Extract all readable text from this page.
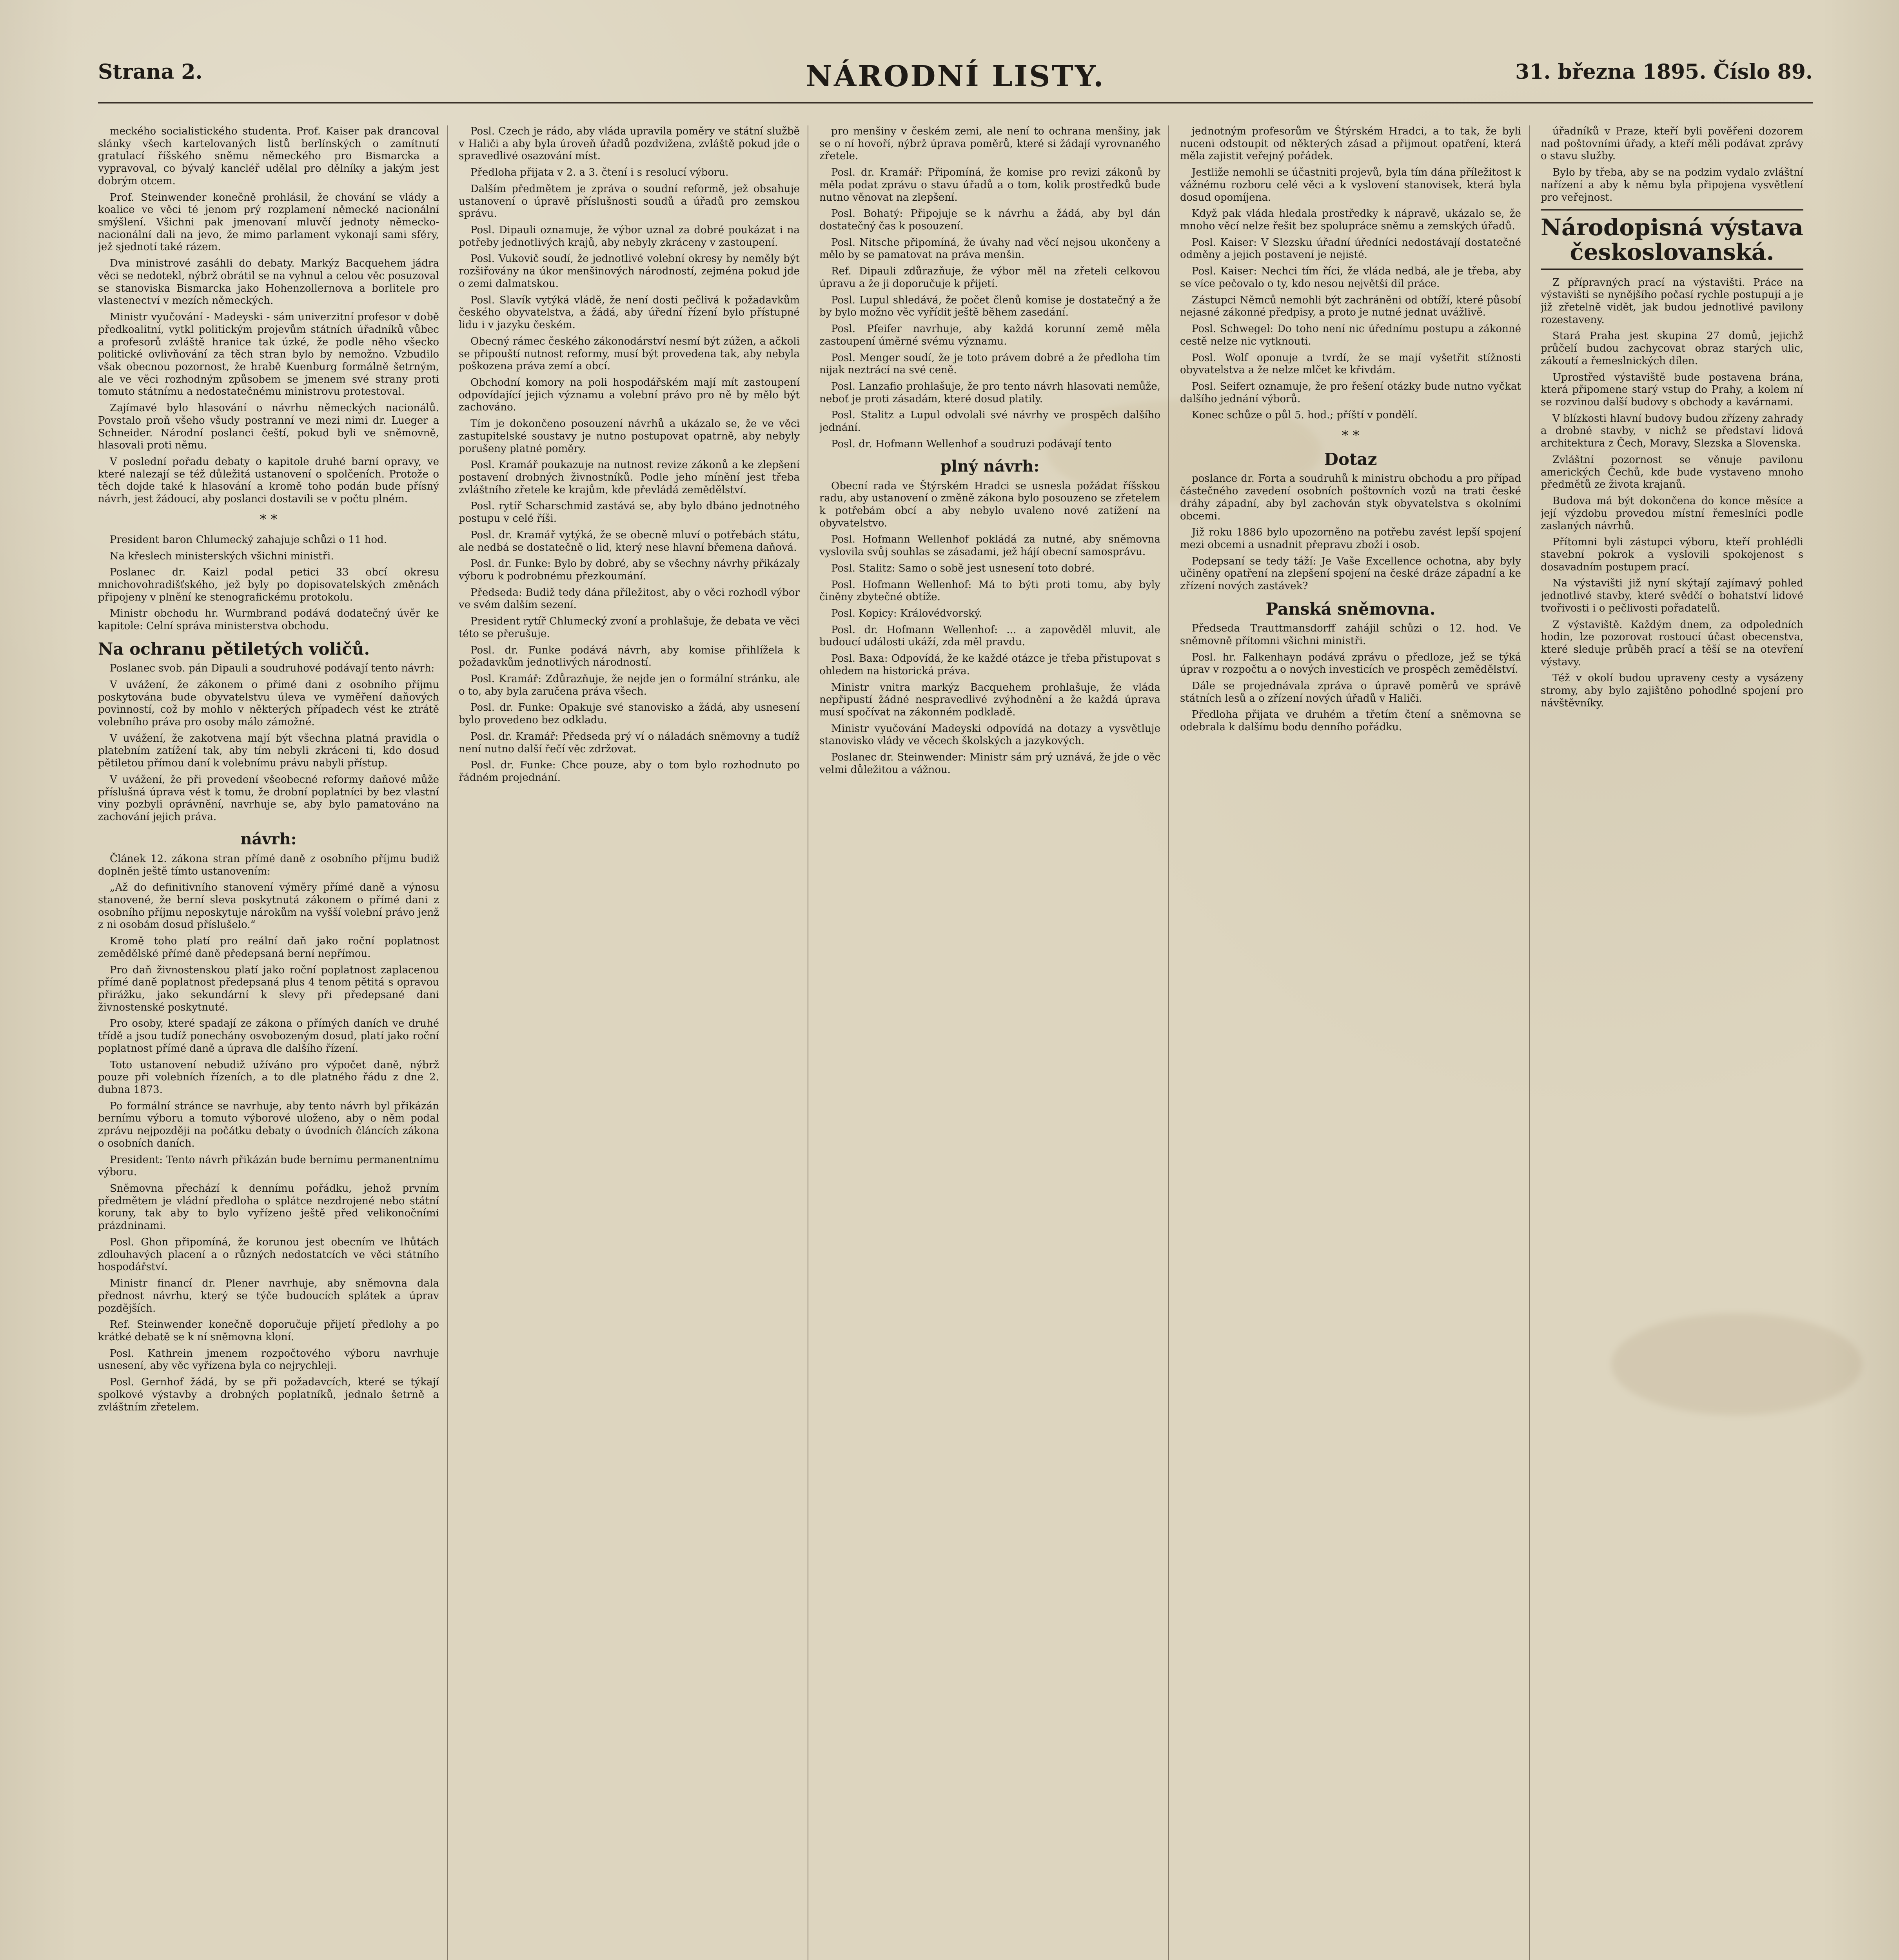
Strana 2.	NÁRODNÍ LISTY.	31. března 1895. Číslo 89.

meckého socialistického studenta. Prof. Kaiser pak drancoval slánky všech kartelovaných listů berlínských o zamítnutí gratulací říšského sněmu německého pro Bismarcka a vypravoval, co bývalý kancléř udělal pro dělníky a jakým jest dobrým otcem.

Prof. Steinwender konečně prohlásil, že chování se vlády a koalice ve věci té jenom prý rozplamení německé nacionální smýšlení. Všichni pak jmenovaní mluvčí jednoty německo-nacionální dali na jevo, že mimo parlament vykonají sami sféry, jež sjednotí také rázem.

Dva ministrové zasáhli do debaty. Markýz Bacquehem jádra věci se nedotekl, nýbrž obrátil se na vyhnul a celou věc posuzoval se stanoviska Bismarcka jako Hohenzollernova a borlitele pro vlastenectví v mezích německých.

Ministr vyučování - Madeyski - sám univerzitní profesor v době předkoalitní, vytkl politickým projevům státních úřadníků vůbec a profesorů zvláště hranice tak úzké, že podle něho všecko politické ovlivňování za těch stran bylo by nemožno. Vzbudilo však obecnou pozornost, že hrabě Kuenburg formálně šetrným, ale ve věci rozhodným způsobem se jmenem své strany proti tomuto státnímu a nedostatečnému ministrovu protestoval.

Zajímavé bylo hlasování o návrhu německých nacionálů. Povstalo proň všeho všudy postranní ve mezi nimi dr. Lueger a Schneider. Národní poslanci čeští, pokud byli ve sněmovně, hlasovali proti němu.

V poslední pořadu debaty o kapitole druhé barní opravy, ve které nalezají se též důležitá ustanovení o spolčeních. Protože o těch dojde také k hlasování a kromě toho podán bude přísný návrh, jest žádoucí, aby poslanci dostavili se v počtu plném.

* *

President baron Chlumecký zahajuje schůzi o 11 hod.

Na křeslech ministerských všichni ministři.

Poslanec dr. Kaizl podal petici 33 obcí okresu mnichovohradišťského, jež byly po dopisovatelských změnách připojeny v plnění ke stenografickému protokolu.

Ministr obchodu hr. Wurmbrand podává dodatečný úvěr ke kapitole: Celní správa ministerstva obchodu.

Na ochranu pětiletých voličů.

Poslanec svob. pán Dipauli a soudruhové podávají tento návrh:

V uvážení, že zákonem o přímé dani z osobního příjmu poskytována bude obyvatelstvu úleva ve vyměření daňových povinností, což by mohlo v některých případech vést ke ztrátě volebního práva pro osoby málo zámožné.

V uvážení, že zakotvena mají být všechna platná pravidla o platebním zatížení tak, aby tím nebyli zkráceni ti, kdo dosud pětiletou přímou daní k volebnímu právu nabyli přístup.

V uvážení, že při provedení všeobecné reformy daňové může příslušná úprava vést k tomu, že drobní poplatníci by bez vlastní viny pozbyli oprávnění, navrhuje se, aby bylo pamatováno na zachování jejich práva.

návrh:

Článek 12. zákona stran přímé daně z osobního příjmu budiž doplněn ještě tímto ustanovením:

„Až do definitivního stanovení výměry přímé daně a výnosu stanovené, že berní sleva poskytnutá zákonem o přímé dani z osobního příjmu neposkytuje nárokům na vyšší volební právo jenž z ni osobám dosud příslušelo.“

Kromě toho platí pro reální daň jako roční poplatnost zemědělské přímé daně předepsaná berní nepřímou.

Pro daň živnostenskou platí jako roční poplatnost zaplacenou přímé daně poplatnost předepsaná plus 4 tenom pětitá s opravou přirážku, jako sekundární k slevy při předepsané dani živnostenské poskytnuté.

Pro osoby, které spadají ze zákona o přímých daních ve druhé třídě a jsou tudíž ponechány osvobozeným dosud, platí jako roční poplatnost přímé daně a úprava dle dalšího řízení.

Toto ustanovení nebudiž užíváno pro výpočet daně, nýbrž pouze při volebních řízeních, a to dle platného řádu z dne 2. dubna 1873.

Po formální stránce se navrhuje, aby tento návrh byl přikázán bernímu výboru a tomuto výborové uloženo, aby o něm podal zprávu nejpozději na počátku debaty o úvodních článcích zákona o osobních daních.

President: Tento návrh přikázán bude bernímu permanentnímu výboru.

Sněmovna přechází k dennímu pořádku, jehož prvním předmětem je vládní předloha o splátce nezdrojené nebo státní koruny, tak aby to bylo vyřízeno ještě před velikonočními prázdninami.

Posl. Ghon připomíná, že korunou jest obecním ve lhůtách zdlouhavých placení a o různých nedostatcích ve věci státního hospodářství.

Ministr financí dr. Plener navrhuje, aby sněmovna dala přednost návrhu, který se týče budoucích splátek a úprav pozdějších.

Ref. Steinwender konečně doporučuje přijetí předlohy a po krátké debatě se k ní sněmovna kloní.

Posl. Kathrein jmenem rozpočtového výboru navrhuje usnesení, aby věc vyřízena byla co nejrychleji.

Posl. Gernhof žádá, by se při požadavcích, které se týkají spolkové výstavby a drobných poplatníků, jednalo šetrně a zvláštním zřetelem.

Posl. Czech je rádo, aby vláda upravila poměry ve státní službě v Haliči a aby byla úroveň úřadů pozdvižena, zvláště pokud jde o spravedlivé osazování míst.

Předloha přijata v 2. a 3. čtení i s resolucí výboru.

Dalším předmětem je zpráva o soudní reformě, jež obsahuje ustanovení o úpravě příslušnosti soudů a úřadů pro zemskou správu.

Posl. Dipauli oznamuje, že výbor uznal za dobré poukázat i na potřeby jednotlivých krajů, aby nebyly zkráceny v zastoupení.

Posl. Vukovič soudí, že jednotlivé volební okresy by neměly být rozšiřovány na úkor menšinových národností, zejména pokud jde o zemi dalmatskou.

Posl. Slavík vytýká vládě, že není dosti pečlivá k požadavkům českého obyvatelstva, a žádá, aby úřední řízení bylo přístupné lidu i v jazyku českém.

Obecný rámec českého zákonodárství nesmí být zúžen, a ačkoli se připouští nutnost reformy, musí být provedena tak, aby nebyla poškozena práva zemí a obcí.

Obchodní komory na poli hospodářském mají mít zastoupení odpovídající jejich významu a volební právo pro ně by mělo být zachováno.

Tím je dokončeno posouzení návrhů a ukázalo se, že ve věci zastupitelské soustavy je nutno postupovat opatrně, aby nebyly porušeny platné poměry.

Posl. Kramář poukazuje na nutnost revize zákonů a ke zlepšení postavení drobných živnostníků. Podle jeho mínění jest třeba zvláštního zřetele ke krajům, kde převládá zemědělství.

Posl. rytíř Scharschmid zastává se, aby bylo dbáno jednotného postupu v celé říši.

Posl. dr. Kramář vytýká, že se obecně mluví o potřebách státu, ale nedbá se dostatečně o lid, který nese hlavní břemena daňová.

Posl. dr. Funke: Bylo by dobré, aby se všechny návrhy přikázaly výboru k podrobnému přezkoumání.

Předseda: Budiž tedy dána příležitost, aby o věci rozhodl výbor ve svém dalším sezení.

President rytíř Chlumecký zvoní a prohlašuje, že debata ve věci této se přerušuje.

Posl. dr. Funke podává návrh, aby komise přihlížela k požadavkům jednotlivých národností.

Posl. Kramář: Zdůrazňuje, že nejde jen o formální stránku, ale o to, aby byla zaručena práva všech.

Posl. dr. Funke: Opakuje své stanovisko a žádá, aby usnesení bylo provedeno bez odkladu.

Posl. dr. Kramář: Předseda prý ví o náladách sněmovny a tudíž není nutno další řečí věc zdržovat.

Posl. dr. Funke: Chce pouze, aby o tom bylo rozhodnuto po řádném projednání.

pro menšiny v českém zemi, ale není to ochrana menšiny, jak se o ní hovoří, nýbrž úprava poměrů, které si žádají vyrovnaného zřetele.

Posl. dr. Kramář: Připomíná, že komise pro revizi zákonů by měla podat zprávu o stavu úřadů a o tom, kolik prostředků bude nutno věnovat na zlepšení.

Posl. Bohatý: Připojuje se k návrhu a žádá, aby byl dán dostatečný čas k posouzení.

Posl. Nitsche připomíná, že úvahy nad věcí nejsou ukončeny a mělo by se pamatovat na práva menšin.

Ref. Dipauli zdůrazňuje, že výbor měl na zřeteli celkovou úpravu a že ji doporučuje k přijetí.

Posl. Lupul shledává, že počet členů komise je dostatečný a že by bylo možno věc vyřídit ještě během zasedání.

Posl. Pfeifer navrhuje, aby každá korunní země měla zastoupení úměrné svému významu.

Posl. Menger soudí, že je toto právem dobré a že předloha tím nijak neztrácí na své ceně.

Posl. Lanzafio prohlašuje, že pro tento návrh hlasovati nemůže, neboť je proti zásadám, které dosud platily.

Posl. Stalitz a Lupul odvolali své návrhy ve prospěch dalšího jednání.

Posl. dr. Hofmann Wellenhof a soudruzi podávají tento

plný návrh:

Obecní rada ve Štýrském Hradci se usnesla požádat říšskou radu, aby ustanovení o změně zákona bylo posouzeno se zřetelem k potřebám obcí a aby nebylo uvaleno nové zatížení na obyvatelstvo.

Posl. Hofmann Wellenhof pokládá za nutné, aby sněmovna vyslovila svůj souhlas se zásadami, jež hájí obecní samosprávu.

Posl. Stalitz: Samo o sobě jest usnesení toto dobré.

Posl. Hofmann Wellenhof: Má to býti proti tomu, aby byly činěny zbytečné obtíže.

Posl. Kopicy: Královédvorský.

Posl. dr. Hofmann Wellenhof: ... a zapověděl mluvit, ale budoucí události ukáží, zda měl pravdu.

Posl. Baxa: Odpovídá, že ke každé otázce je třeba přistupovat s ohledem na historická práva.

Ministr vnitra markýz Bacquehem prohlašuje, že vláda nepřipustí žádné nespravedlivé zvýhodnění a že každá úprava musí spočívat na zákonném podkladě.

Ministr vyučování Madeyski odpovídá na dotazy a vysvětluje stanovisko vlády ve věcech školských a jazykových.

Poslanec dr. Steinwender: Ministr sám prý uznává, že jde o věc velmi důležitou a vážnou.

jednotným profesorům ve Štýrském Hradci, a to tak, že byli nuceni odstoupit od některých zásad a přijmout opatření, která měla zajistit veřejný pořádek.

Jestliže nemohli se účastniti projevů, byla tím dána příležitost k vážnému rozboru celé věci a k vyslovení stanovisek, která byla dosud opomíjena.

Když pak vláda hledala prostředky k nápravě, ukázalo se, že mnoho věcí nelze řešit bez spolupráce sněmu a zemských úřadů.

Posl. Kaiser: V Slezsku úřadní úředníci nedostávají dostatečné odměny a jejich postavení je nejisté.

Posl. Kaiser: Nechci tím říci, že vláda nedbá, ale je třeba, aby se více pečovalo o ty, kdo nesou největší díl práce.

Zástupci Němců nemohli být zachráněni od obtíží, které působí nejasné zákonné předpisy, a proto je nutné jednat uvážlivě.

Posl. Schwegel: Do toho není nic úřednímu postupu a zákonné cestě nelze nic vytknouti.

Posl. Wolf oponuje a tvrdí, že se mají vyšetřit stížnosti obyvatelstva a že nelze mlčet ke křivdám.

Posl. Seifert oznamuje, že pro řešení otázky bude nutno vyčkat dalšího jednání výborů.

Konec schůze o půl 5. hod.; příští v pondělí.

* *
Dotaz

poslance dr. Forta a soudruhů k ministru obchodu a pro případ částečného zavedení osobních poštovních vozů na trati české dráhy západní, aby byl zachován styk obyvatelstva s okolními obcemi.

Již roku 1886 bylo upozorněno na potřebu zavést lepší spojení mezi obcemi a usnadnit přepravu zboží i osob.

Podepsaní se tedy táží: Je Vaše Excellence ochotna, aby byly učiněny opatření na zlepšení spojení na české dráze západní a ke zřízení nových zastávek?

Panská sněmovna.

Předseda Trauttmansdorff zahájil schůzi o 12. hod. Ve sněmovně přítomni všichni ministři.

Posl. hr. Falkenhayn podává zprávu o předloze, jež se týká úprav v rozpočtu a o nových investicích ve prospěch zemědělství.

Dále se projednávala zpráva o úpravě poměrů ve správě státních lesů a o zřízení nových úřadů v Haliči.

Předloha přijata ve druhém a třetím čtení a sněmovna se odebrala k dalšímu bodu denního pořádku.

úřadníků v Praze, kteří byli pověřeni dozorem nad poštovními úřady, a kteří měli podávat zprávy o stavu služby.

Bylo by třeba, aby se na podzim vydalo zvláštní nařízení a aby k němu byla připojena vysvětlení pro veřejnost.

Národopisná výstava českoslovanská.

Z přípravných prací na výstavišti. Práce na výstavišti se nynějšího počasí rychle postupují a je již zřetelně vidět, jak budou jednotlivé pavilony rozestaveny.

Stará Praha jest skupina 27 domů, jejichž průčelí budou zachycovat obraz starých ulic, zákoutí a řemeslnických dílen.

Uprostřed výstaviště bude postavena brána, která připomene starý vstup do Prahy, a kolem ní se rozvinou další budovy s obchody a kavárnami.

V blízkosti hlavní budovy budou zřízeny zahrady a drobné stavby, v nichž se představí lidová architektura z Čech, Moravy, Slezska a Slovenska.

Zvláštní pozornost se věnuje pavilonu amerických Čechů, kde bude vystaveno mnoho předmětů ze života krajanů.

Budova má být dokončena do konce měsíce a její výzdobu provedou místní řemeslníci podle zaslaných návrhů.

Přítomni byli zástupci výboru, kteří prohlédli stavební pokrok a vyslovili spokojenost s dosavadním postupem prací.

Na výstavišti již nyní skýtají zajímavý pohled jednotlivé stavby, které svědčí o bohatství lidové tvořivosti i o pečlivosti pořadatelů.

Z výstaviště. Každým dnem, za odpoledních hodin, lze pozorovat rostoucí účast obecenstva, které sleduje průběh prací a těší se na otevření výstavy.

Též v okolí budou upraveny cesty a vysázeny stromy, aby bylo zajištěno pohodlné spojení pro návštěvníky.
